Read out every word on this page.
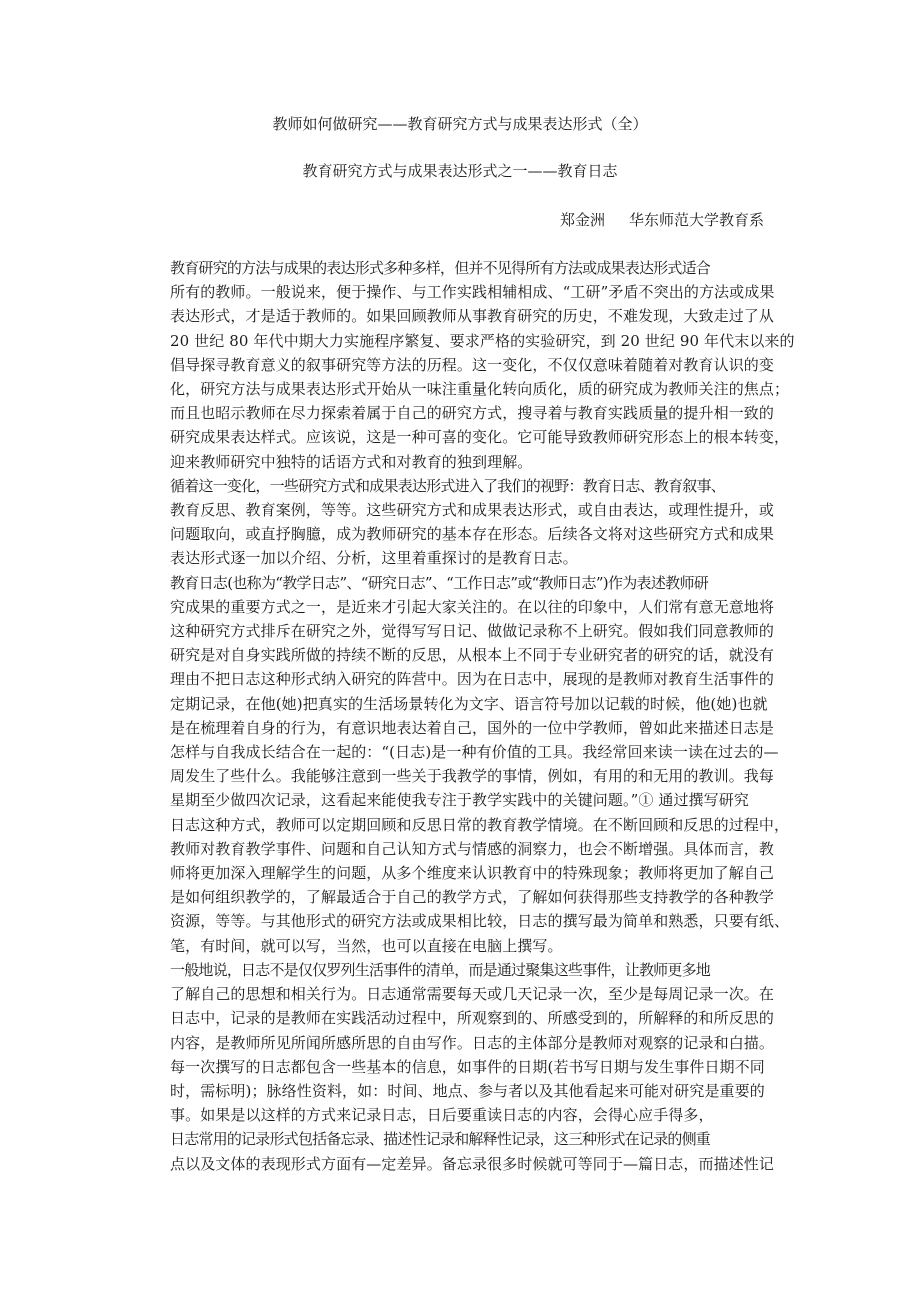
教师如何做研究——教育研究方式与成果表达形式（全）
教育研究方式与成果表达形式之一——教育日志

郑金洲 华东师范大学教育系

教育研究的方法与成果的表达形式多种多样，但并不见得所有方法或成果表达形式适合
所有的教师。一般说来，便于操作、与工作实践相辅相成、“工研”矛盾不突出的方法或成果
表达形式，才是适于教师的。如果回顾教师从事教育研究的历史，不难发现，大致走过了从
20 世纪 80 年代中期大力实施程序繁复、要求严格的实验研究，到 20 世纪 90 年代末以来的
倡导探寻教育意义的叙事研究等方法的历程。这一变化，不仅仅意味着随着对教育认识的变
化，研究方法与成果表达形式开始从一味注重量化转向质化，质的研究成为教师关注的焦点；
而且也昭示教师在尽力探索着属于自己的研究方式，搜寻着与教育实践质量的提升相一致的
研究成果表达样式。应该说，这是一种可喜的变化。它可能导致教师研究形态上的根本转变，
迎来教师研究中独特的话语方式和对教育的独到理解。

循着这一变化，一些研究方式和成果表达形式进入了我们的视野：教育日志、教育叙事、
教育反思、教育案例，等等。这些研究方式和成果表达形式，或自由表达，或理性提升，或
问题取向，或直抒胸臆，成为教师研究的基本存在形态。后续各文将对这些研究方式和成果
表达形式逐一加以介绍、分析，这里着重探讨的是教育日志。

教育日志(也称为“教学日志”、“研究日志”、“工作日志”或“教师日志”)作为表述教师研
究成果的重要方式之一，是近来才引起大家关注的。在以往的印象中，人们常有意无意地将
这种研究方式排斥在研究之外，觉得写写日记、做做记录称不上研究。假如我们同意教师的
研究是对自身实践所做的持续不断的反思，从根本上不同于专业研究者的研究的话，就没有
理由不把日志这种形式纳入研究的阵营中。因为在日志中，展现的是教师对教育生活事件的
定期记录，在他(她)把真实的生活场景转化为文字、语言符号加以记载的时候，他(她)也就
是在梳理着自身的行为，有意识地表达着自己，国外的一位中学教师，曾如此来描述日志是
怎样与自我成长结合在一起的：“(日志)是一种有价值的工具。我经常回来读一读在过去的—
周发生了些什么。我能够注意到一些关于我教学的事情，例如，有用的和无用的教训。我每
星期至少做四次记录，这看起来能使我专注于教学实践中的关键问题。”① 通过撰写研究
日志这种方式，教师可以定期回顾和反思日常的教育教学情境。在不断回顾和反思的过程中，
教师对教育教学事件、问题和自己认知方式与情感的洞察力，也会不断增强。具体而言，教
师将更加深入理解学生的问题，从多个维度来认识教育中的特殊现象；教师将更加了解自己
是如何组织教学的，了解最适合于自己的教学方式，了解如何获得那些支持教学的各种教学
资源，等等。与其他形式的研究方法或成果相比较，日志的撰写最为简单和熟悉，只要有纸、
笔，有时间，就可以写，当然，也可以直接在电脑上撰写。

一般地说，日志不是仅仅罗列生活事件的清单，而是通过聚集这些事件，让教师更多地
了解自己的思想和相关行为。日志通常需要每天或几天记录一次，至少是每周记录一次。在
日志中，记录的是教师在实践活动过程中，所观察到的、所感受到的，所解释的和所反思的
内容，是教师所见所闻所感所思的自由写作。日志的主体部分是教师对观察的记录和白描。
每一次撰写的日志都包含一些基本的信息，如事件的日期(若书写日期与发生事件日期不同
时，需标明)；脉络性资料，如：时间、地点、参与者以及其他看起来可能对研究是重要的
事。如果是以这样的方式来记录日志，日后要重读日志的内容，会得心应手得多，

日志常用的记录形式包括备忘录、描述性记录和解释性记录，这三种形式在记录的侧重
点以及文体的表现形式方面有—定差异。备忘录很多时候就可等同于—篇日志，而描述性记
